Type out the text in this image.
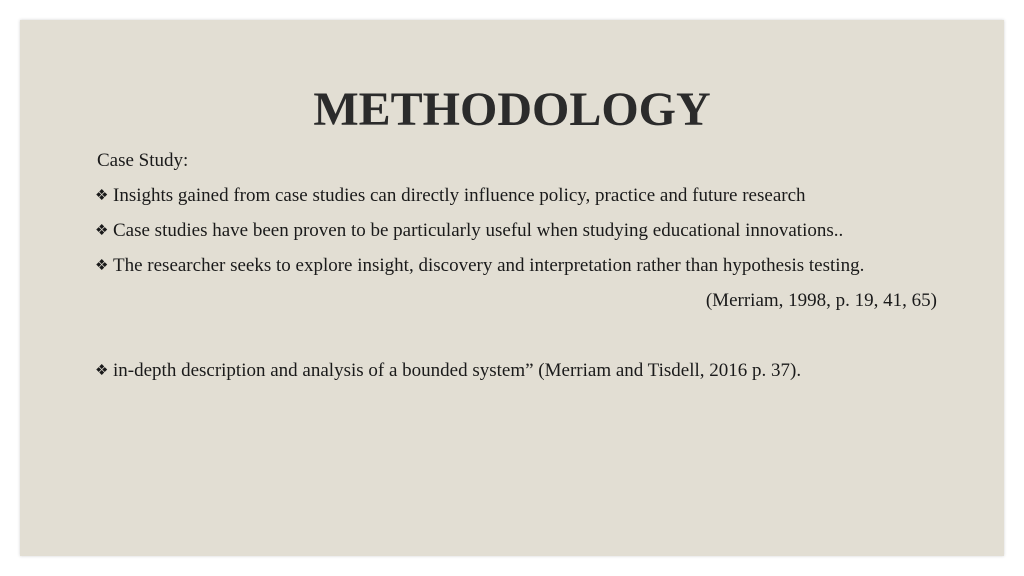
METHODOLOGY
Case Study:
❖ Insights gained from case studies can directly influence policy, practice and future research
❖ Case studies have been proven to be particularly useful when studying educational innovations..
❖ The researcher seeks to explore insight, discovery and interpretation rather than hypothesis testing.
(Merriam, 1998, p. 19, 41, 65)
❖ in-depth description and analysis of a bounded system” (Merriam and Tisdell, 2016 p. 37).
